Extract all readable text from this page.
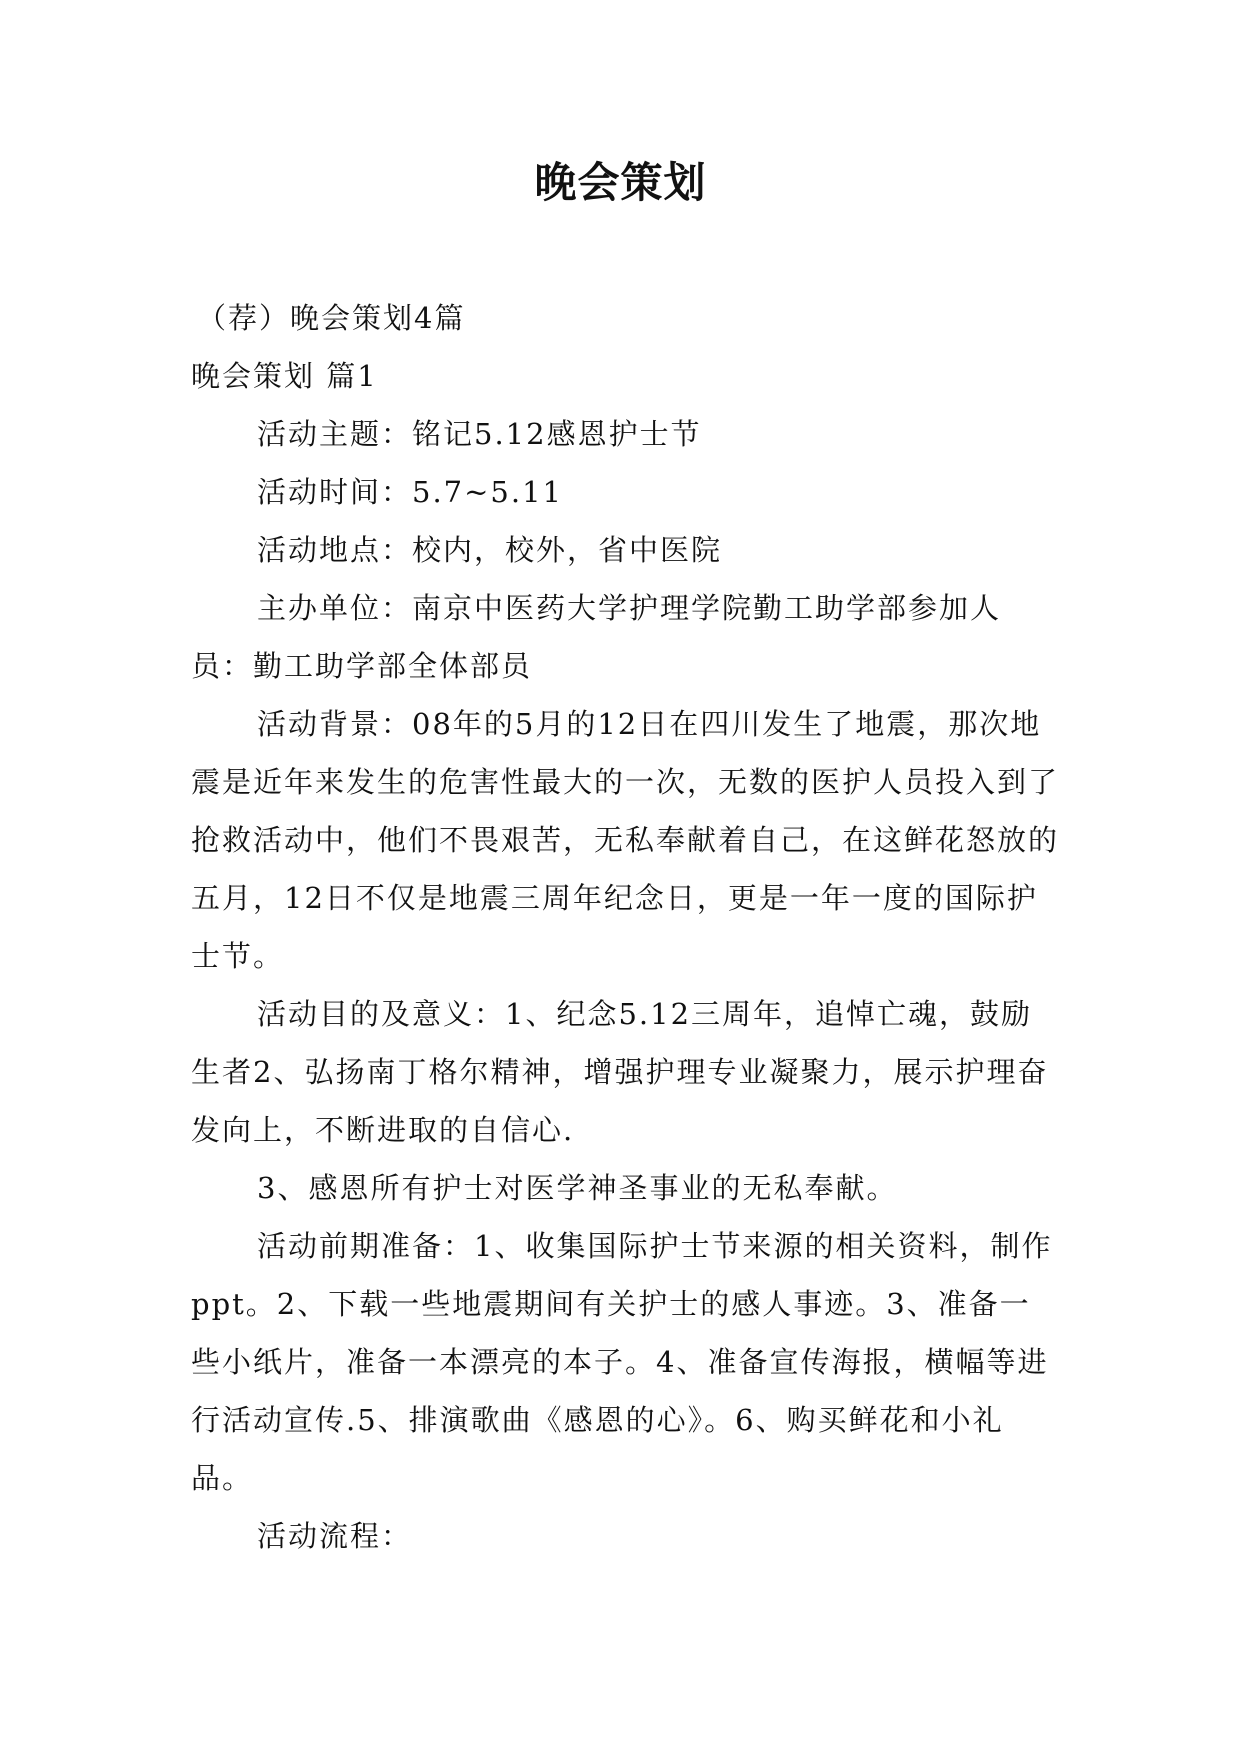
晚会策划

（荐）晚会策划4篇

晚会策划 篇1

活动主题：铭记5.12感恩护士节

活动时间：5.7~5.11

活动地点：校内，校外，省中医院

主办单位：南京中医药大学护理学院勤工助学部参加人员：勤工助学部全体部员

活动背景：08年的5月的12日在四川发生了地震，那次地震是近年来发生的危害性最大的一次，无数的医护人员投入到了抢救活动中，他们不畏艰苦，无私奉献着自己，在这鲜花怒放的五月，12日不仅是地震三周年纪念日，更是一年一度的国际护士节。

活动目的及意义：1、纪念5.12三周年，追悼亡魂，鼓励生者2、弘扬南丁格尔精神，增强护理专业凝聚力，展示护理奋发向上，不断进取的自信心.

3、感恩所有护士对医学神圣事业的无私奉献。

活动前期准备：1、收集国际护士节来源的相关资料，制作ppt。2、下载一些地震期间有关护士的感人事迹。3、准备一些小纸片，准备一本漂亮的本子。4、准备宣传海报，横幅等进行活动宣传.5、排演歌曲《感恩的心》。6、购买鲜花和小礼品。

活动流程：
